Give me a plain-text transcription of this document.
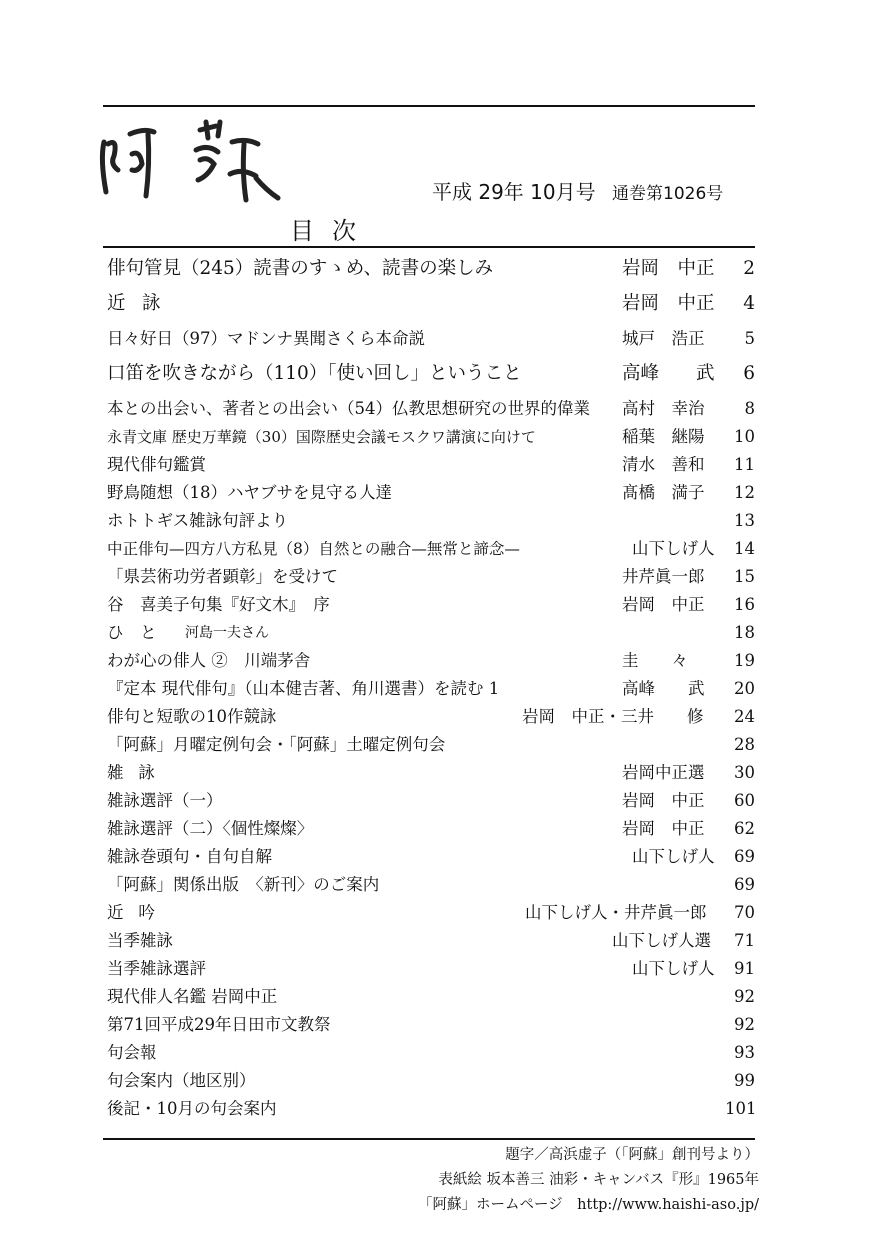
平成 29年 10月号 通巻第1026号
目次
俳句管見（245）読書のすゝめ、読書の楽しみ	岩岡　中正	2
近詠	岩岡　中正	4
日々好日（97）マドンナ異聞さくら本命説	城戸　浩正	5
口笛を吹きながら（110）「使い回し」ということ	高峰　　武	6
本との出会い、著者との出会い（54）仏教思想研究の世界的偉業 高村　幸治	8
永青文庫 歴史万華鏡（30）国際歴史会議モスクワ講演に向けて	稲葉　継陽	10
現代俳句鑑賞	清水　善和	11
野鳥随想（18）ハヤブサを見守る人達	髙橋　満子	12
ホトトギス雑詠句評より	13
中正俳句—四方八方私見（8）自然との融合—無常と諦念—	山下しげ人	14
「県芸術功労者顕彰」を受けて	井芹眞一郎	15
谷　喜美子句集『好文木』　序	岩岡　中正	16
ひ　と 河島一夫さん	18
わが心の俳人 ②　川端茅舎	圭　　々	19
『定本 現代俳句』（山本健吉著、角川選書）を読む 1	高峰　　武	20
俳句と短歌の10作競詠	岩岡　中正・三井　　修	24
「阿蘇」月曜定例句会・「阿蘇」土曜定例句会	28
雑詠	岩岡中正選	30
雑詠選評（一）	岩岡　中正	60
雑詠選評（二）〈個性燦燦〉	岩岡　中正	62
雑詠巻頭句・自句自解	山下しげ人	69
「阿蘇」関係出版　〈新刊〉のご案内	69
近吟	山下しげ人・井芹眞一郎	70
当季雑詠	山下しげ人選	71
当季雑詠選評	山下しげ人	91
現代俳人名鑑 岩岡中正	92
第71回平成29年日田市文教祭	92
句会報	93
句会案内（地区別）	99
後記・10月の句会案内	101
題字／高浜虚子（「阿蘇」創刊号より）
表紙絵 坂本善三 油彩・キャンバス『形』1965年
「阿蘇」ホームページ　http://www.haishi-aso.jp/
